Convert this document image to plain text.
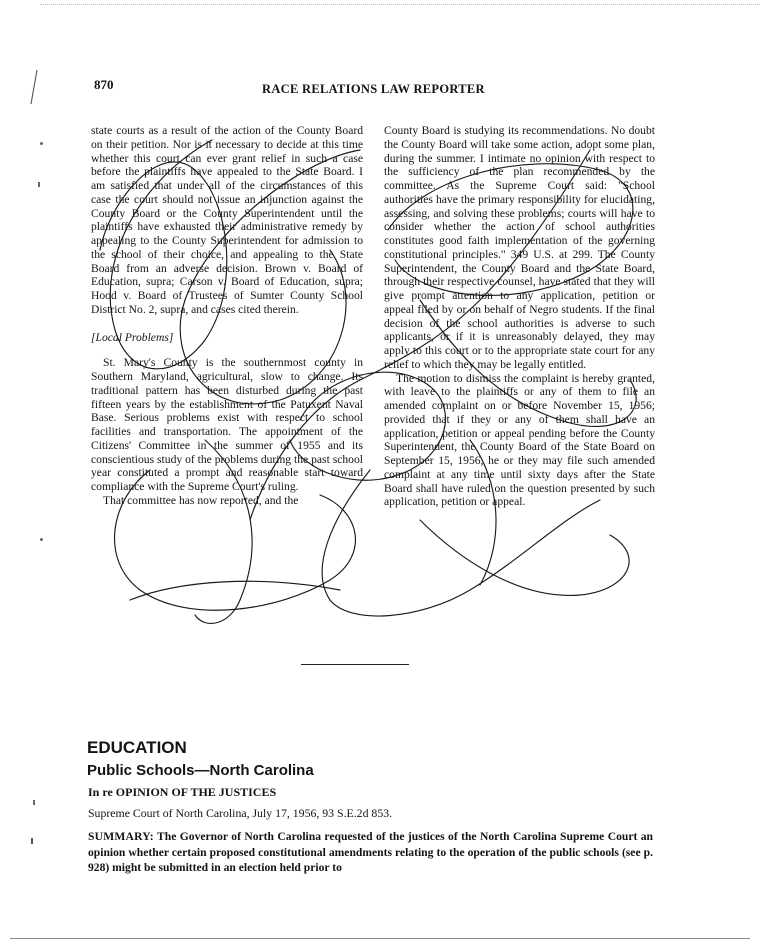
870	RACE RELATIONS LAW REPORTER

state courts as a result of the action of the County Board on their petition. Nor is it necessary to decide at this time whether this court can ever grant relief in such a case before the plaintiffs have appealed to the State Board. I am satisfied that under all of the circumstances of this case the court should not issue an injunction against the County Board or the County Superintendent until the plaintiffs have exhausted their administrative remedy by appealing to the County Superintendent for admission to the school of their choice, and appealing to the State Board from an adverse decision. Brown v. Board of Education, supra; Carson v. Board of Education, supra; Hood v. Board of Trustees of Sumter County School District No. 2, supra, and cases cited therein.

[Local Problems]

St. Mary's County is the southernmost county in Southern Maryland, agricultural, slow to change. Its traditional pattern has been disturbed during the past fifteen years by the establishment of the Patuxent Naval Base. Serious problems exist with respect to school facilities and transportation. The appointment of the Citizens' Committee in the summer of 1955 and its conscientious study of the problems during the past school year constituted a prompt and reasonable start toward compliance with the Supreme Court's ruling.

That committee has now reported, and the

County Board is studying its recommendations. No doubt the County Board will take some action, adopt some plan, during the summer. I intimate no opinion with respect to the sufficiency of the plan recommended by the committee. As the Supreme Court said: "School authorities have the primary responsibility for elucidating, assessing, and solving these problems; courts will have to consider whether the action of school authorities constitutes good faith implementation of the governing constitutional principles." 349 U.S. at 299. The County Superintendent, the County Board and the State Board, through their respective counsel, have stated that they will give prompt attention to any application, petition or appeal filed by or on behalf of Negro students. If the final decision of the school authorities is adverse to such applicants, or if it is unreasonably delayed, they may apply to this court or to the appropriate state court for any relief to which they may be legally entitled.

The motion to dismiss the complaint is hereby granted, with leave to the plaintiffs or any of them to file an amended complaint on or before November 15, 1956; provided that if they or any of them shall have an application, petition or appeal pending before the County Superintendent, the County Board of the State Board on September 15, 1956, he or they may file such amended complaint at any time until sixty days after the State Board shall have ruled on the question presented by such application, petition or appeal.

EDUCATION
Public Schools—North Carolina
In re OPINION OF THE JUSTICES
Supreme Court of North Carolina, July 17, 1956, 93 S.E.2d 853.

SUMMARY: The Governor of North Carolina requested of the justices of the North Carolina Supreme Court an opinion whether certain proposed constitutional amendments relating to the operation of the public schools (see p. 928) might be submitted in an election held prior to
